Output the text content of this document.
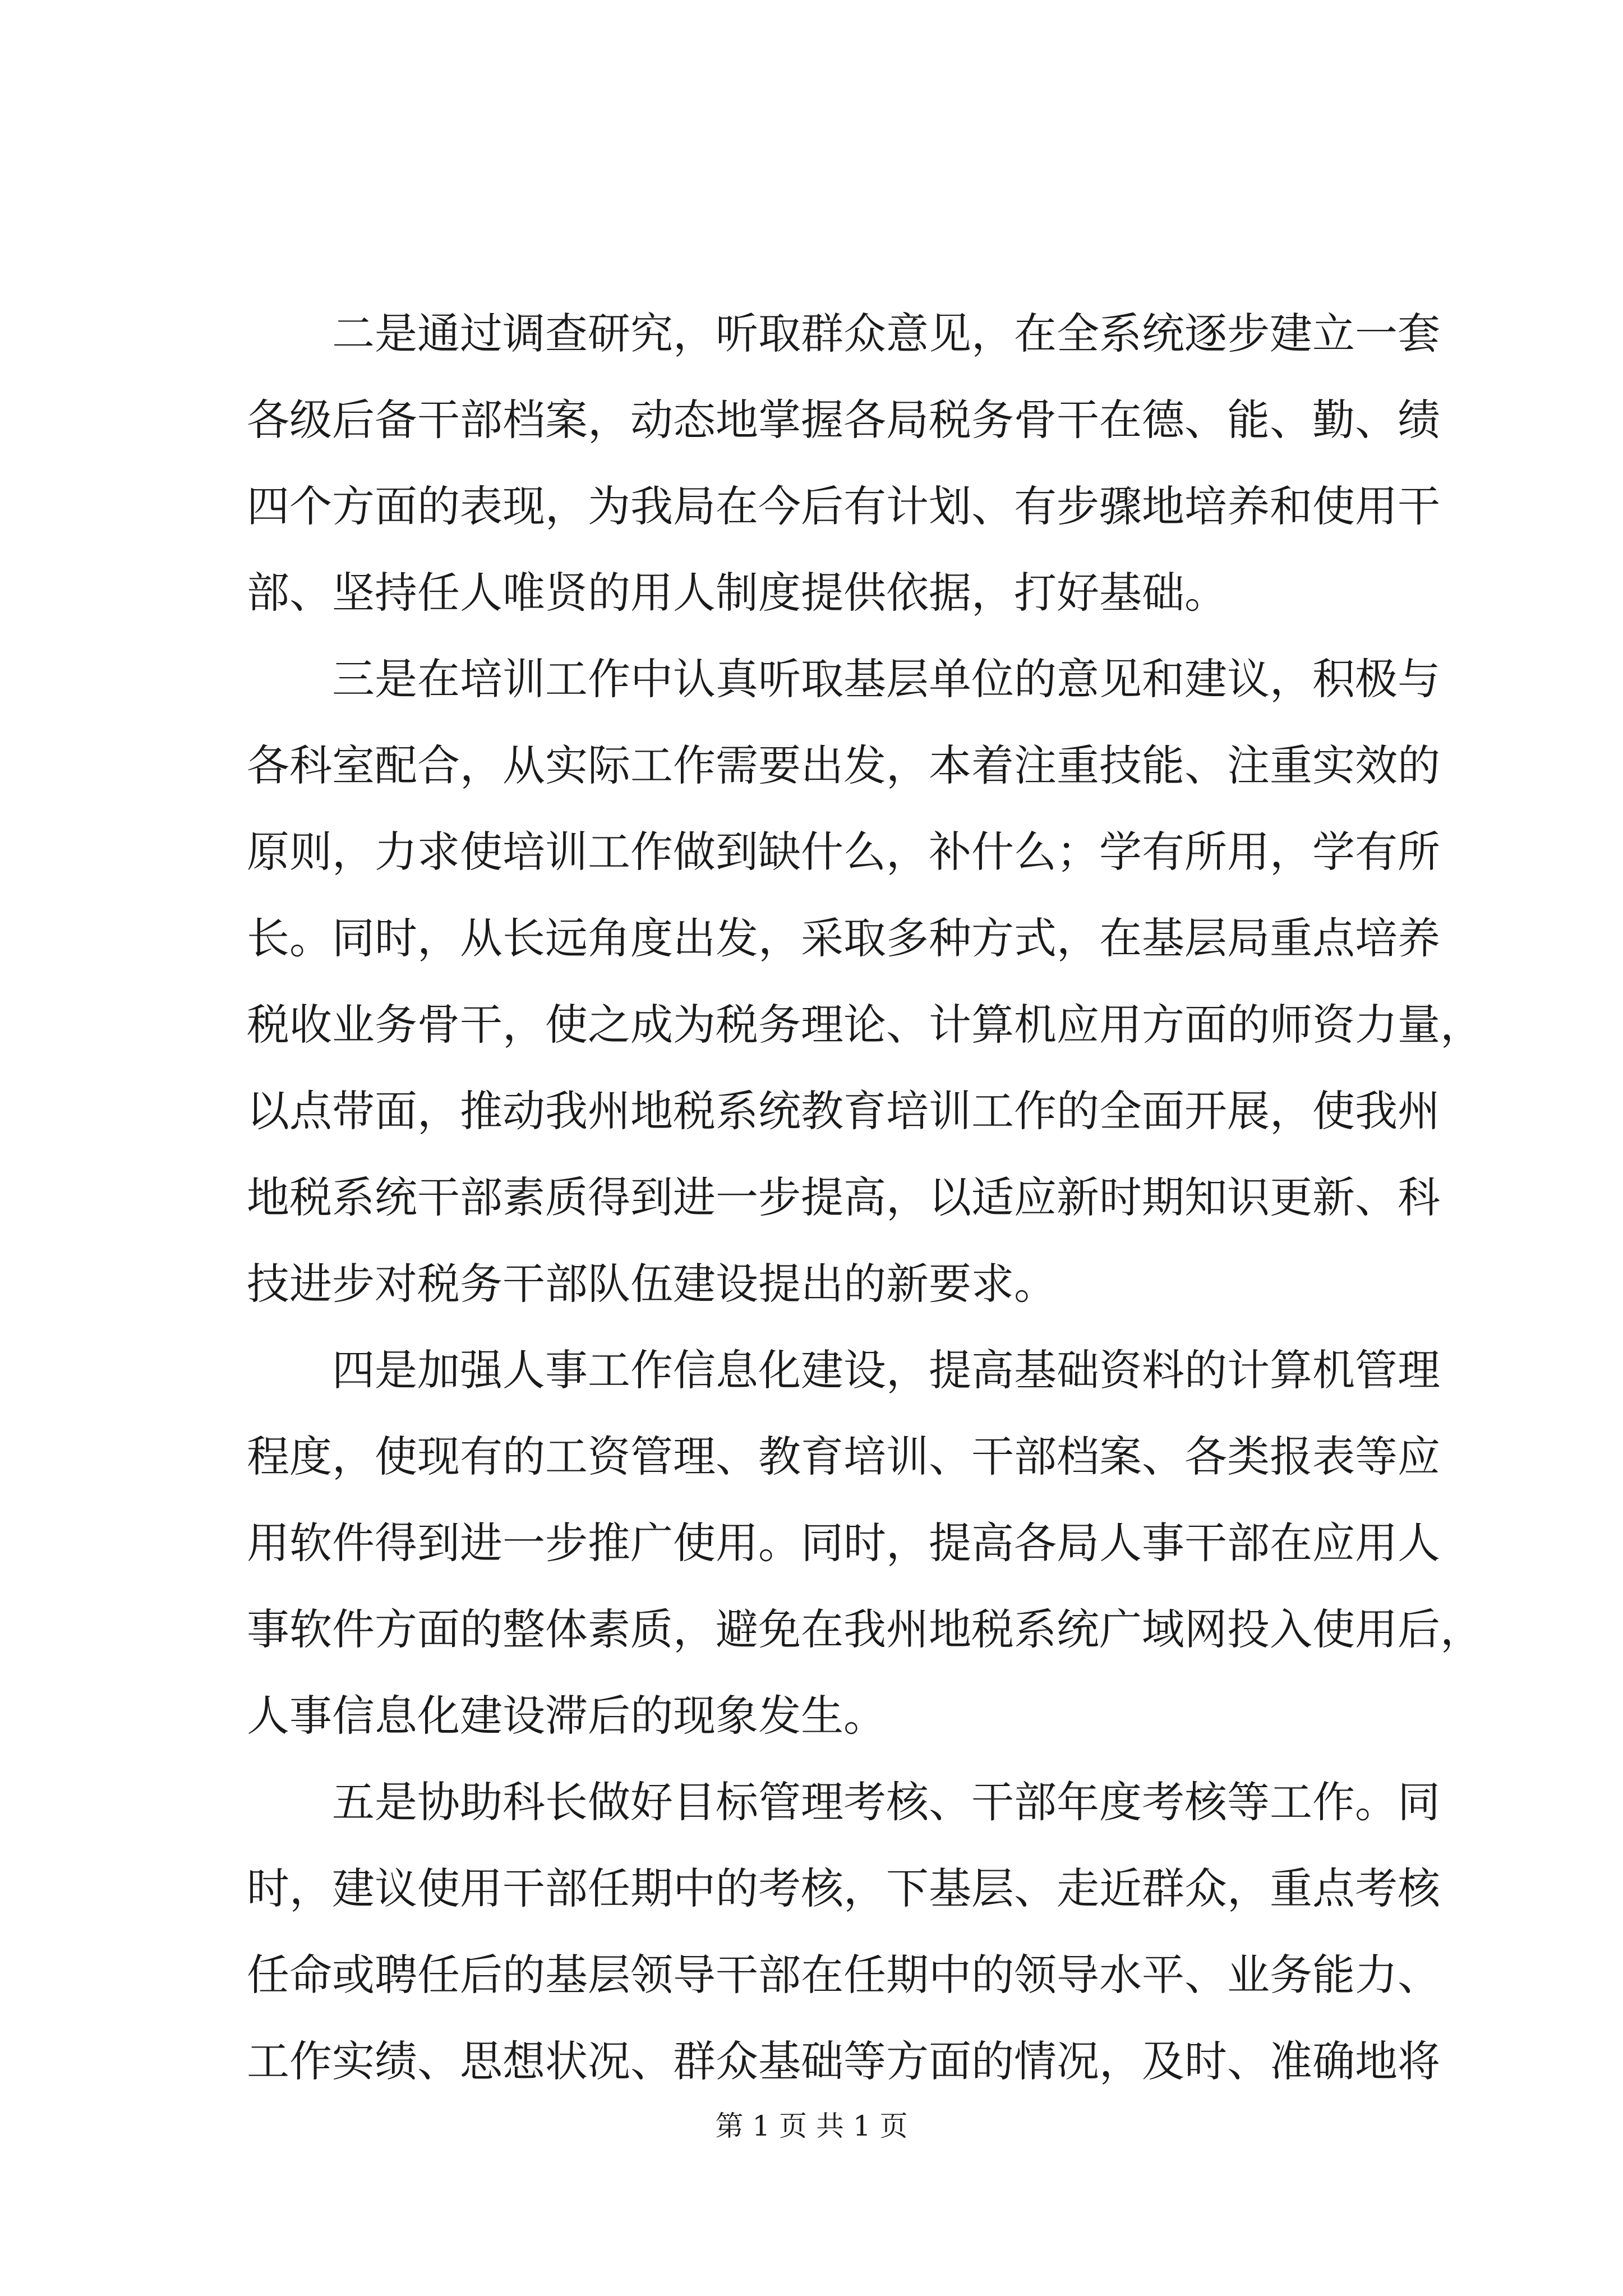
　　二是通过调查研究，听取群众意见，在全系统逐步建立一套
各级后备干部档案，动态地掌握各局税务骨干在德、能、勤、绩
四个方面的表现，为我局在今后有计划、有步骤地培养和使用干
部、坚持任人唯贤的用人制度提供依据，打好基础。
　　三是在培训工作中认真听取基层单位的意见和建议，积极与
各科室配合，从实际工作需要出发，本着注重技能、注重实效的
原则，力求使培训工作做到缺什么，补什么；学有所用，学有所
长。同时，从长远角度出发，采取多种方式，在基层局重点培养
税收业务骨干，使之成为税务理论、计算机应用方面的师资力量，
以点带面，推动我州地税系统教育培训工作的全面开展，使我州
地税系统干部素质得到进一步提高，以适应新时期知识更新、科
技进步对税务干部队伍建设提出的新要求。
　　四是加强人事工作信息化建设，提高基础资料的计算机管理
程度，使现有的工资管理、教育培训、干部档案、各类报表等应
用软件得到进一步推广使用。同时，提高各局人事干部在应用人
事软件方面的整体素质，避免在我州地税系统广域网投入使用后，
人事信息化建设滞后的现象发生。
　　五是协助科长做好目标管理考核、干部年度考核等工作。同
时，建议使用干部任期中的考核，下基层、走近群众，重点考核
任命或聘任后的基层领导干部在任期中的领导水平、业务能力、
工作实绩、思想状况、群众基础等方面的情况，及时、准确地将
第 1 页 共 1 页
